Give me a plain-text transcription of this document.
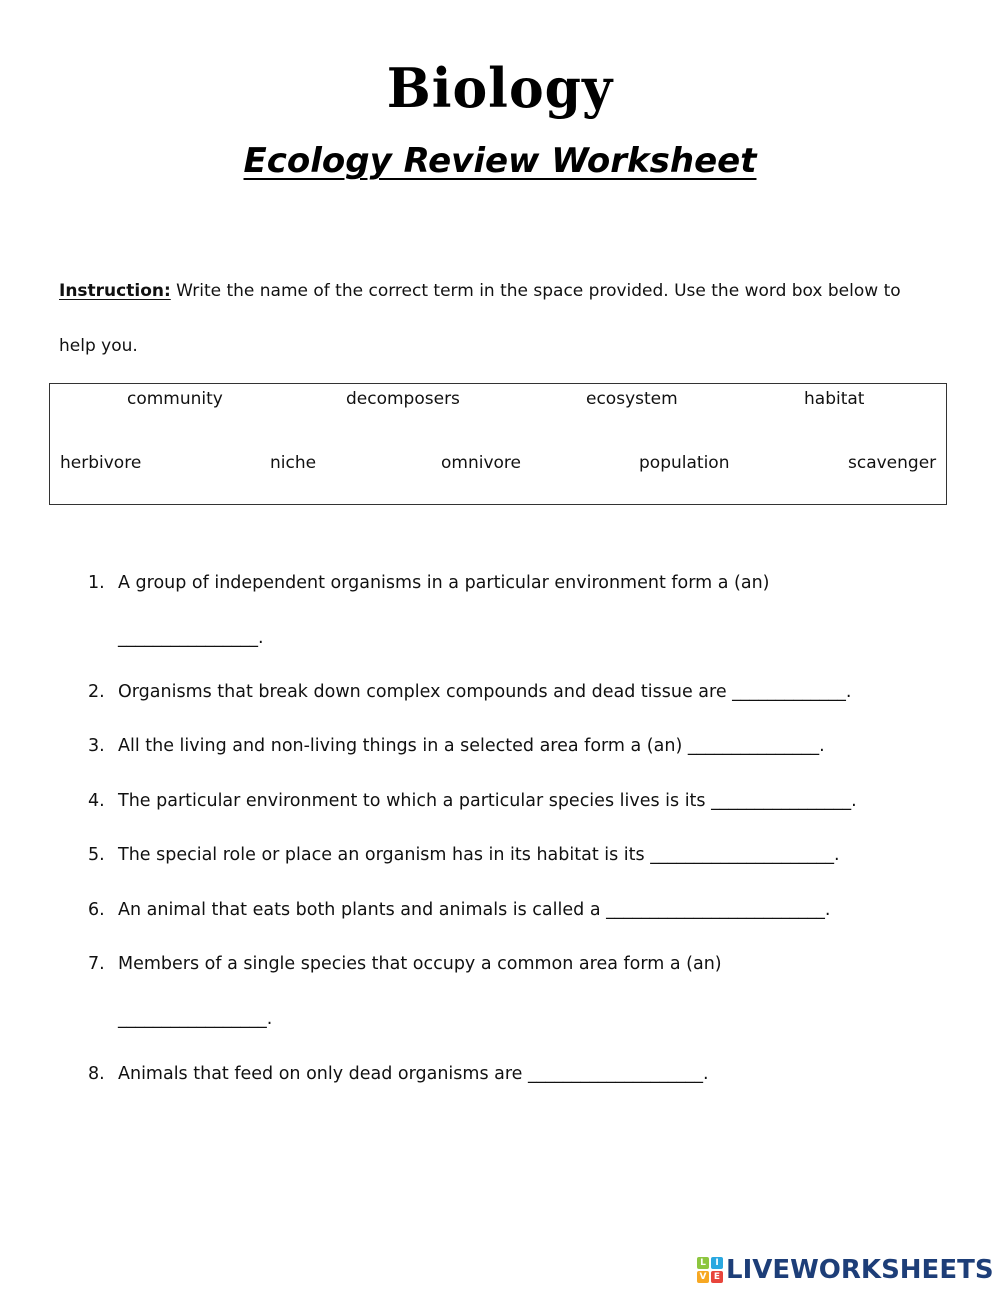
Biology
Ecology Review Worksheet
Instruction: Write the name of the correct term in the space provided. Use the word box below to help you.
community	decomposers	ecosystem	habitat
herbivore	niche	omnivore	population	scavenger
1. A group of independent organisms in a particular environment form a (an)
________________.
2. Organisms that break down complex compounds and dead tissue are _____________.
3. All the living and non-living things in a selected area form a (an) _______________.
4. The particular environment to which a particular species lives is its ________________.
5. The special role or place an organism has in its habitat is its _____________________.
6. An animal that eats both plants and animals is called a _________________________.
7. Members of a single species that occupy a common area form a (an)
_________________.
8. Animals that feed on only dead organisms are ____________________.
L	I
V E LIVEWORKSHEETS
